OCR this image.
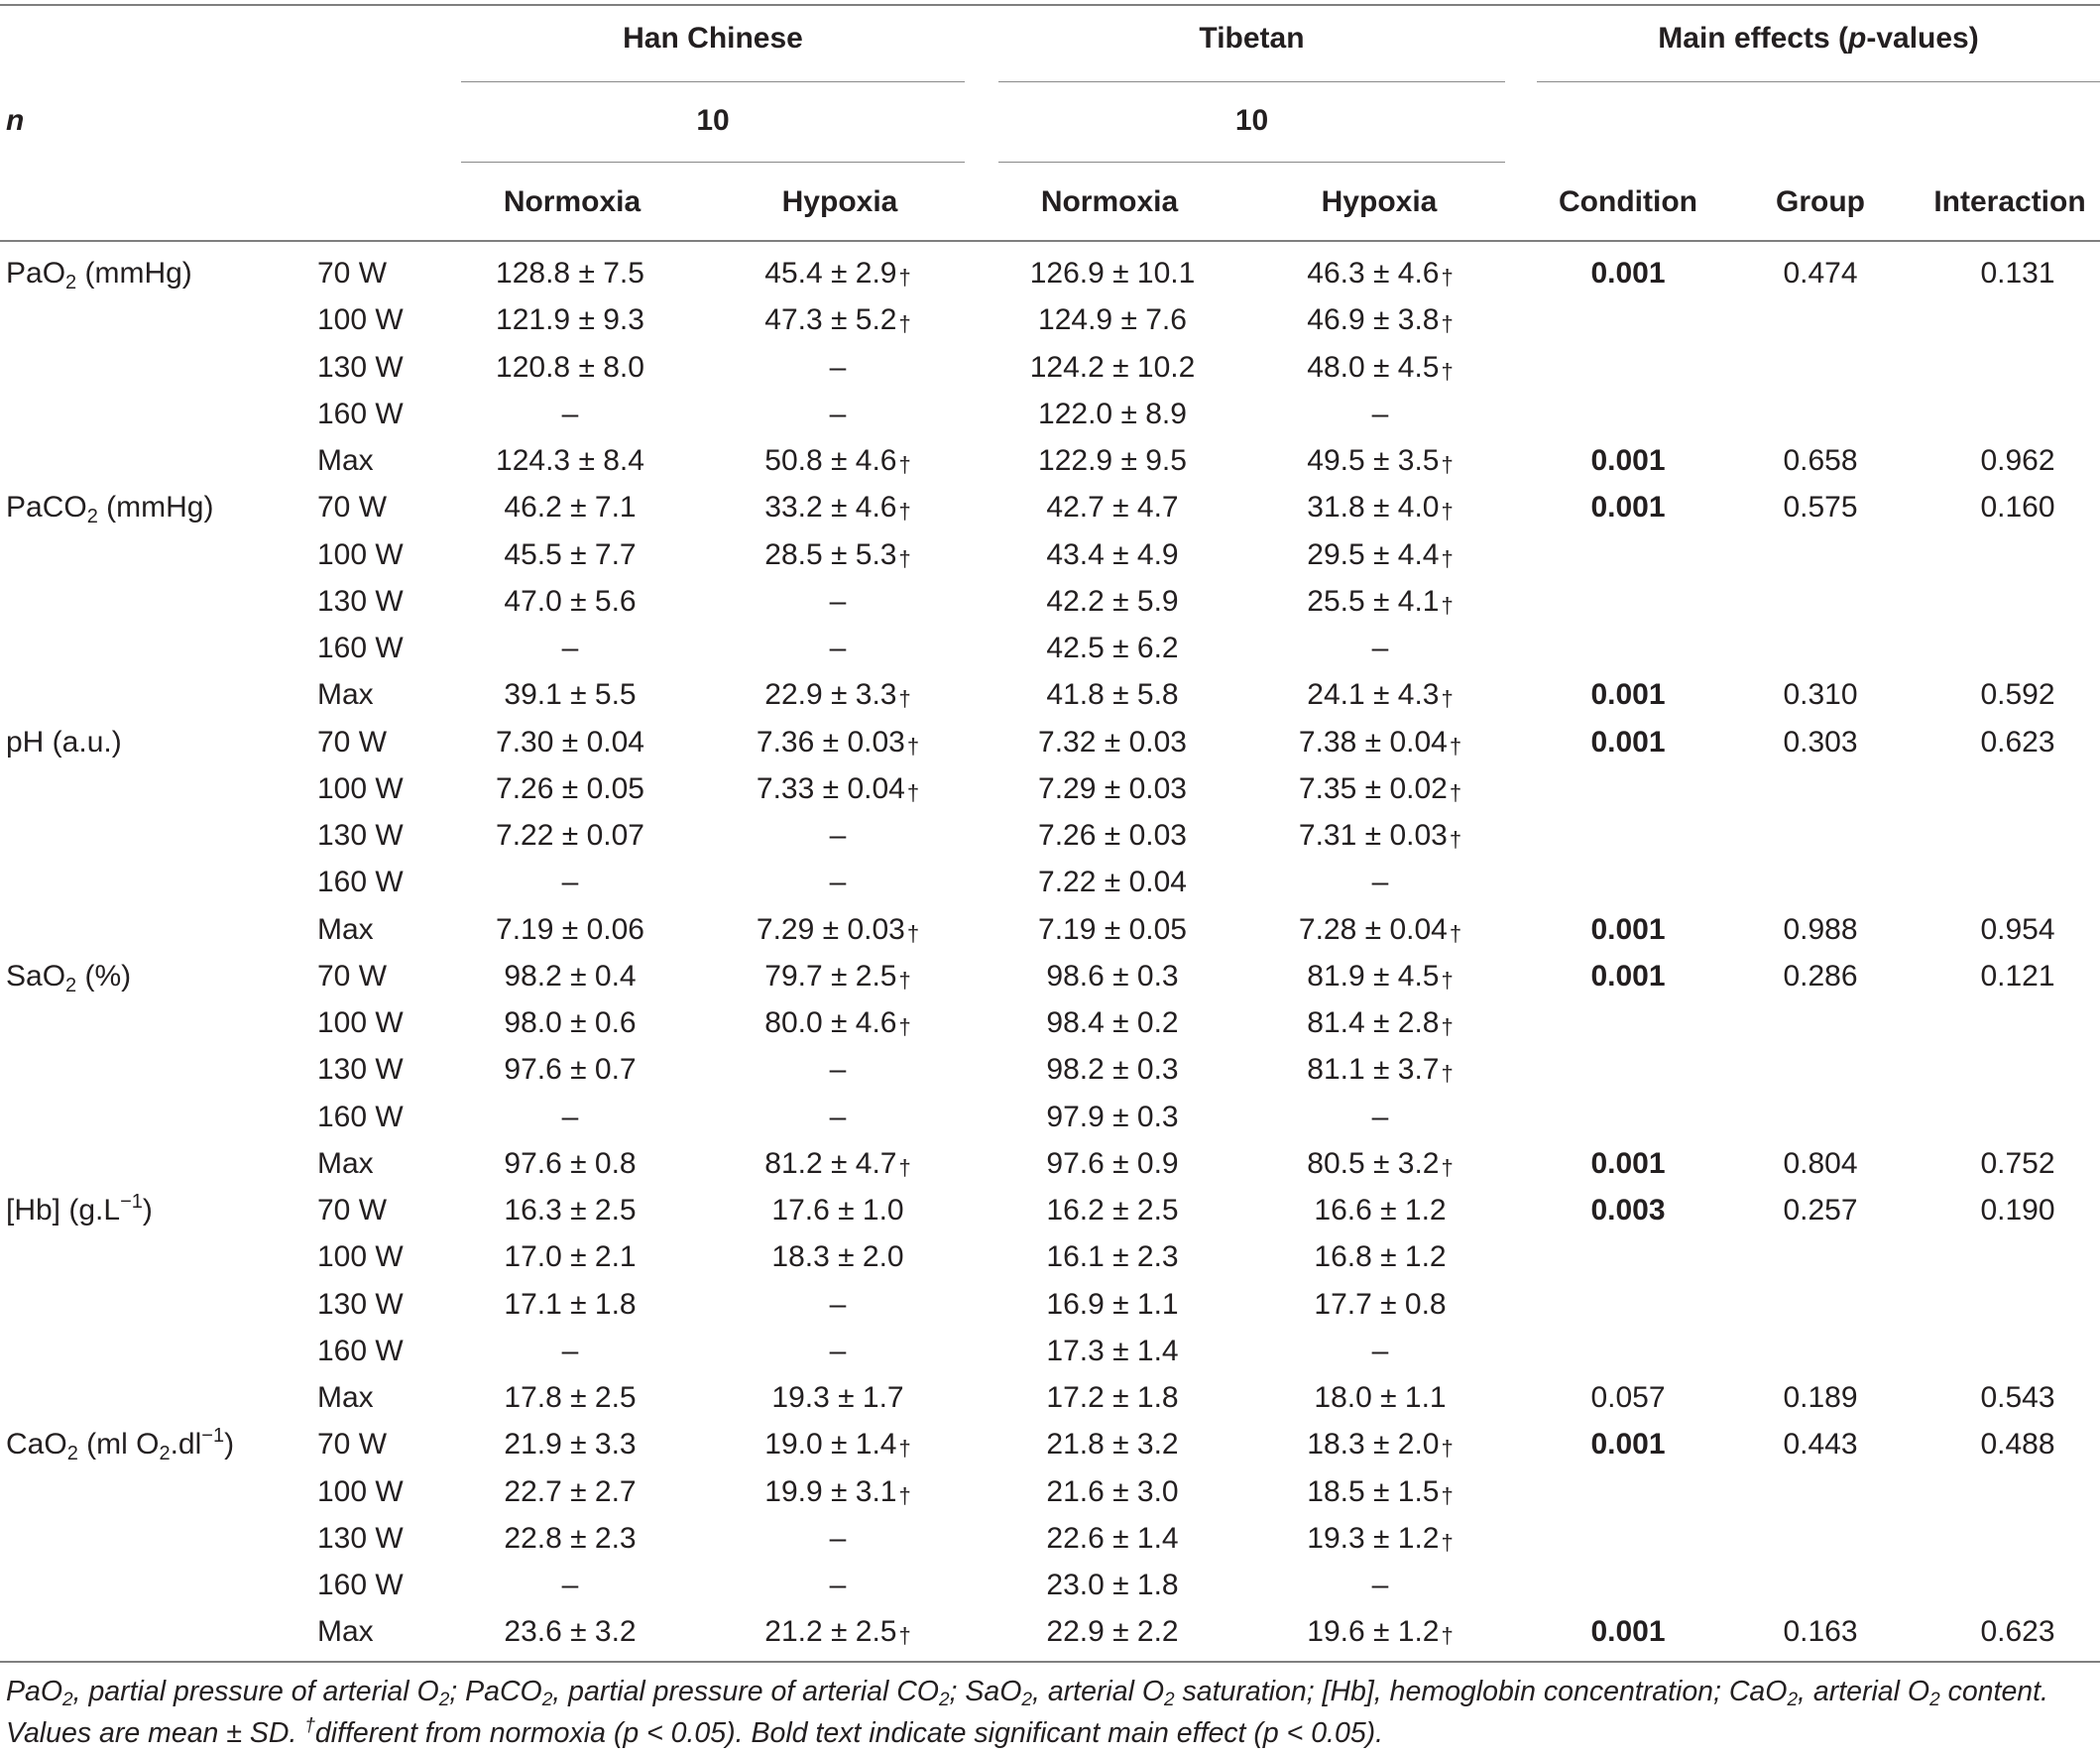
Han Chinese	Tibetan	Main effects (p-values)
n	10	10
Normoxia	Hypoxia	Normoxia	Hypoxia	Condition	Group	Interaction
PaO$_2$ (mmHg)	70 W	128.8 ± 7.5	45.4 ± 2.9†	126.9 ± 10.1	46.3 ± 4.6†	0.001	0.474	0.131
100 W	121.9 ± 9.3	47.3 ± 5.2†	124.9 ± 7.6	46.9 ± 3.8†
130 W	120.8 ± 8.0	–	124.2 ± 10.2	48.0 ± 4.5†
160 W	–	–	122.0 ± 8.9	–
Max	124.3 ± 8.4	50.8 ± 4.6†	122.9 ± 9.5	49.5 ± 3.5†	0.001	0.658	0.962
PaCO$_2$ (mmHg)	70 W	46.2 ± 7.1	33.2 ± 4.6†	42.7 ± 4.7	31.8 ± 4.0†	0.001	0.575	0.160
100 W	45.5 ± 7.7	28.5 ± 5.3†	43.4 ± 4.9	29.5 ± 4.4†
130 W	47.0 ± 5.6	–	42.2 ± 5.9	25.5 ± 4.1†
160 W	–	–	42.5 ± 6.2	–
Max	39.1 ± 5.5	22.9 ± 3.3†	41.8 ± 5.8	24.1 ± 4.3†	0.001	0.310	0.592
pH (a.u.)	70 W	7.30 ± 0.04	7.36 ± 0.03†	7.32 ± 0.03	7.38 ± 0.04†	0.001	0.303	0.623
100 W	7.26 ± 0.05	7.33 ± 0.04†	7.29 ± 0.03	7.35 ± 0.02†
130 W	7.22 ± 0.07	–	7.26 ± 0.03	7.31 ± 0.03†
160 W	–	–	7.22 ± 0.04	–
Max	7.19 ± 0.06	7.29 ± 0.03†	7.19 ± 0.05	7.28 ± 0.04†	0.001	0.988	0.954
SaO$_2$ (%)	70 W	98.2 ± 0.4	79.7 ± 2.5†	98.6 ± 0.3	81.9 ± 4.5†	0.001	0.286	0.121
100 W	98.0 ± 0.6	80.0 ± 4.6†	98.4 ± 0.2	81.4 ± 2.8†
130 W	97.6 ± 0.7	–	98.2 ± 0.3	81.1 ± 3.7†
160 W	–	–	97.9 ± 0.3	–
Max	97.6 ± 0.8	81.2 ± 4.7†	97.6 ± 0.9	80.5 ± 3.2†	0.001	0.804	0.752
[Hb] $(g.L^{-1})$	70 W	16.3 ± 2.5	17.6 ± 1.0	16.2 ± 2.5	16.6 ± 1.2	0.003	0.257	0.190
100 W	17.0 ± 2.1	18.3 ± 2.0	16.1 ± 2.3	16.8 ± 1.2
130 W	17.1 ± 1.8	–	16.9 ± 1.1	17.7 ± 0.8
160 W	–	–	17.3 ± 1.4	–
Max	17.8 ± 2.5	19.3 ± 1.7	17.2 ± 1.8	18.0 ± 1.1	0.057	0.189	0.543
CaO$_2$ (ml $O_2.dl^{-1}$)	70 W	21.9 ± 3.3	19.0 ± 1.4†	21.8 ± 3.2	18.3 ± 2.0†	0.001	0.443	0.488
100 W	22.7 ± 2.7	19.9 ± 3.1†	21.6 ± 3.0	18.5 ± 1.5†
130 W	22.8 ± 2.3	–	22.6 ± 1.4	19.3 ± 1.2†
160 W	–	–	23.0 ± 1.8	–
Max	23.6 ± 3.2	21.2 ± 2.5†	22.9 ± 2.2	19.6 ± 1.2†	0.001	0.163	0.623
PaO$_2$, partial pressure of arterial $O_2$; PaCO$_2$, partial pressure of arterial $CO_2$; SaO$_2$, arterial $O_2$ saturation; [Hb], hemoglobin concentration; CaO$_2$, arterial $O_2$ content.
Values are mean ± SD. †different from normoxia (p < 0.05). Bold text indicate significant main effect (p < 0.05).
